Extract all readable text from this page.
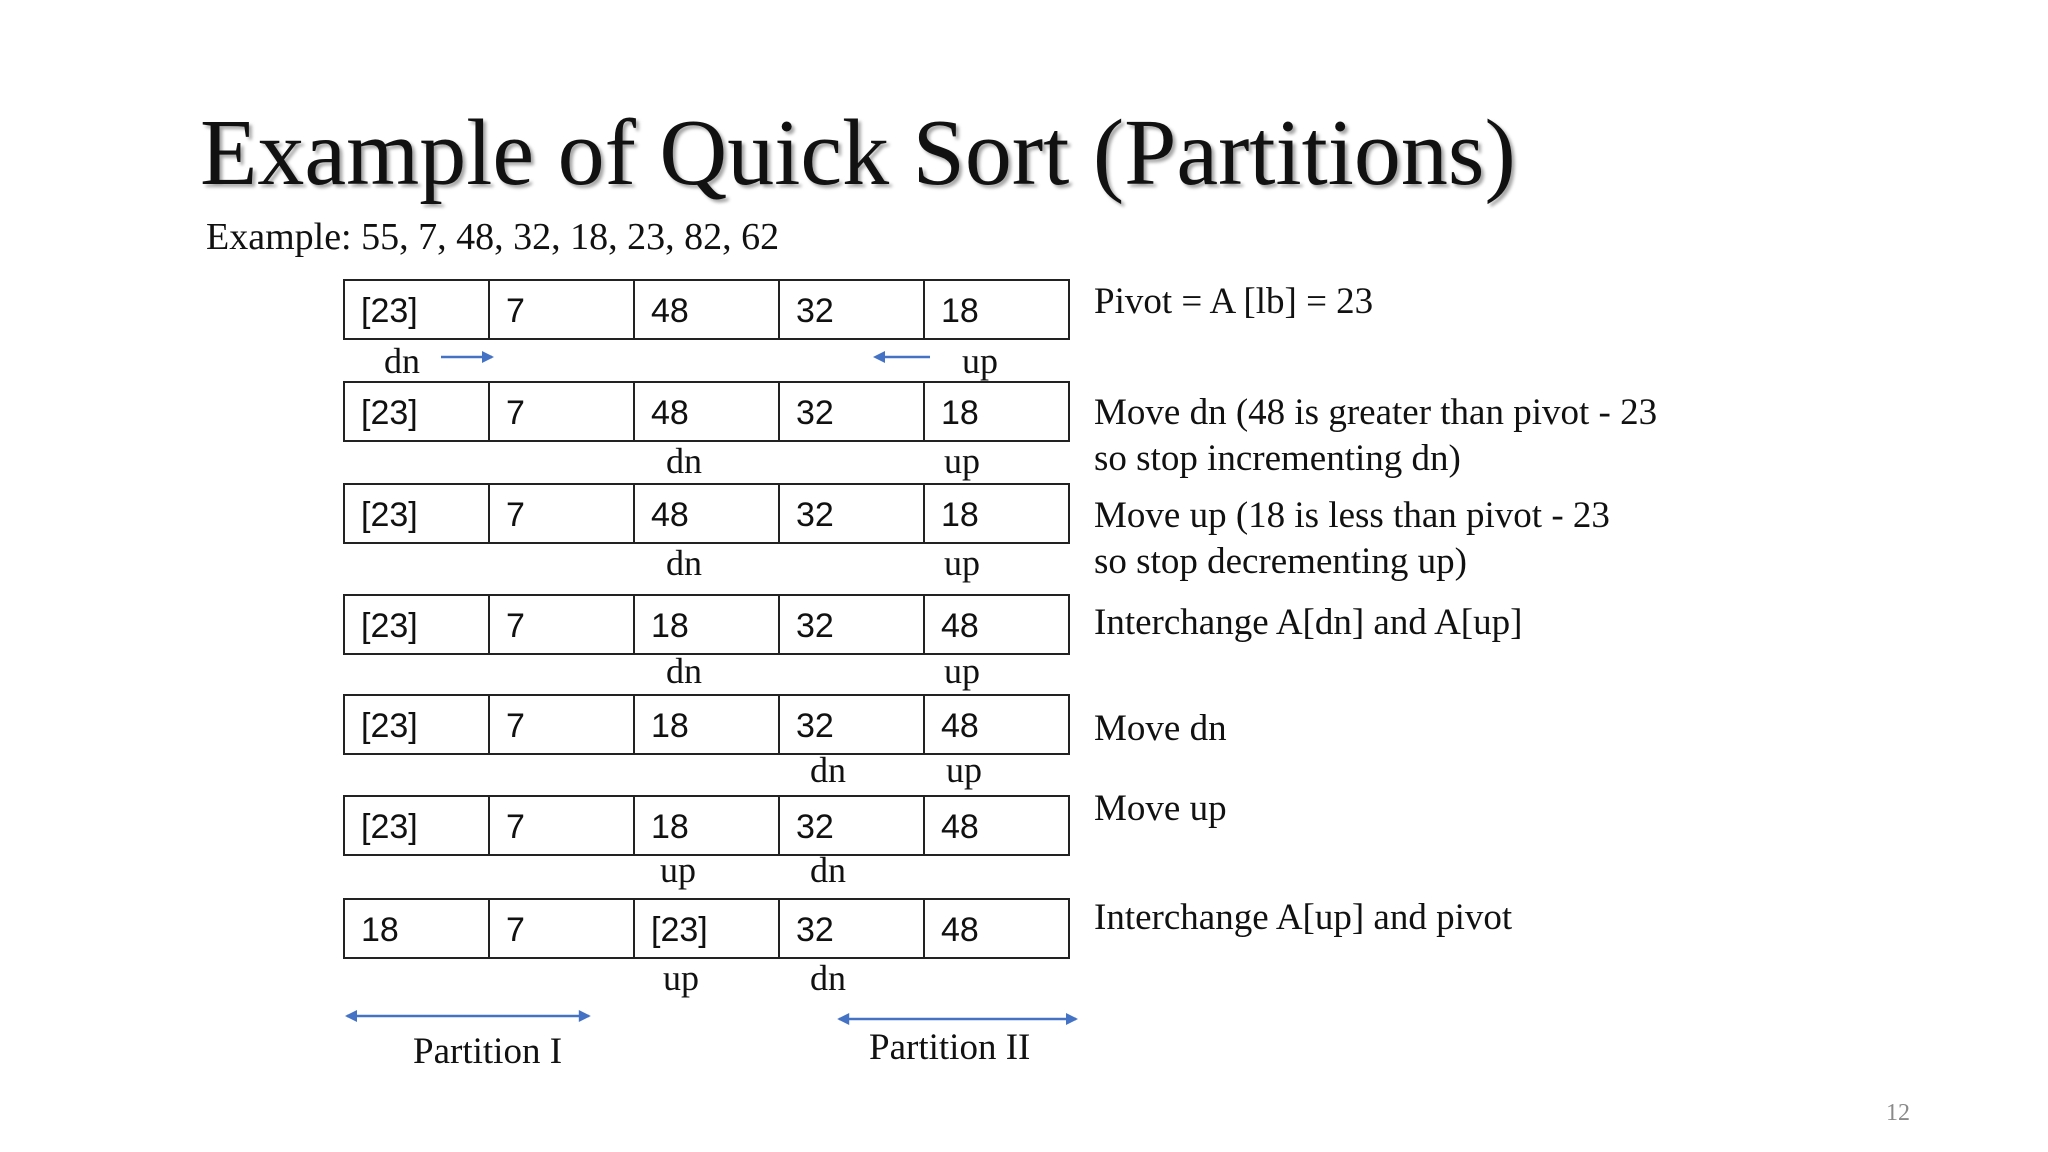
Example of Quick Sort (Partitions)
Example: 55, 7, 48, 32, 18, 23, 82, 62
[23]	7	48	32	18
dn	up
Pivot = A [lb] = 23
[23]	7	48	32	18
dn	up
Move dn (48 is greater than pivot - 23
so stop incrementing dn)
[23]	7	48	32	18
dn	up
Move up (18 is less than pivot - 23
so stop decrementing up)
[23]	7	18	32	48
dn	up
Interchange A[dn] and A[up]
[23]	7	18	32	48
dn	up
Move dn
[23]	7	18	32	48
dn
up
Move up
18	7	[23]	32	48
dn
up
Interchange A[up] and pivot
Partition I	Partition II
12
